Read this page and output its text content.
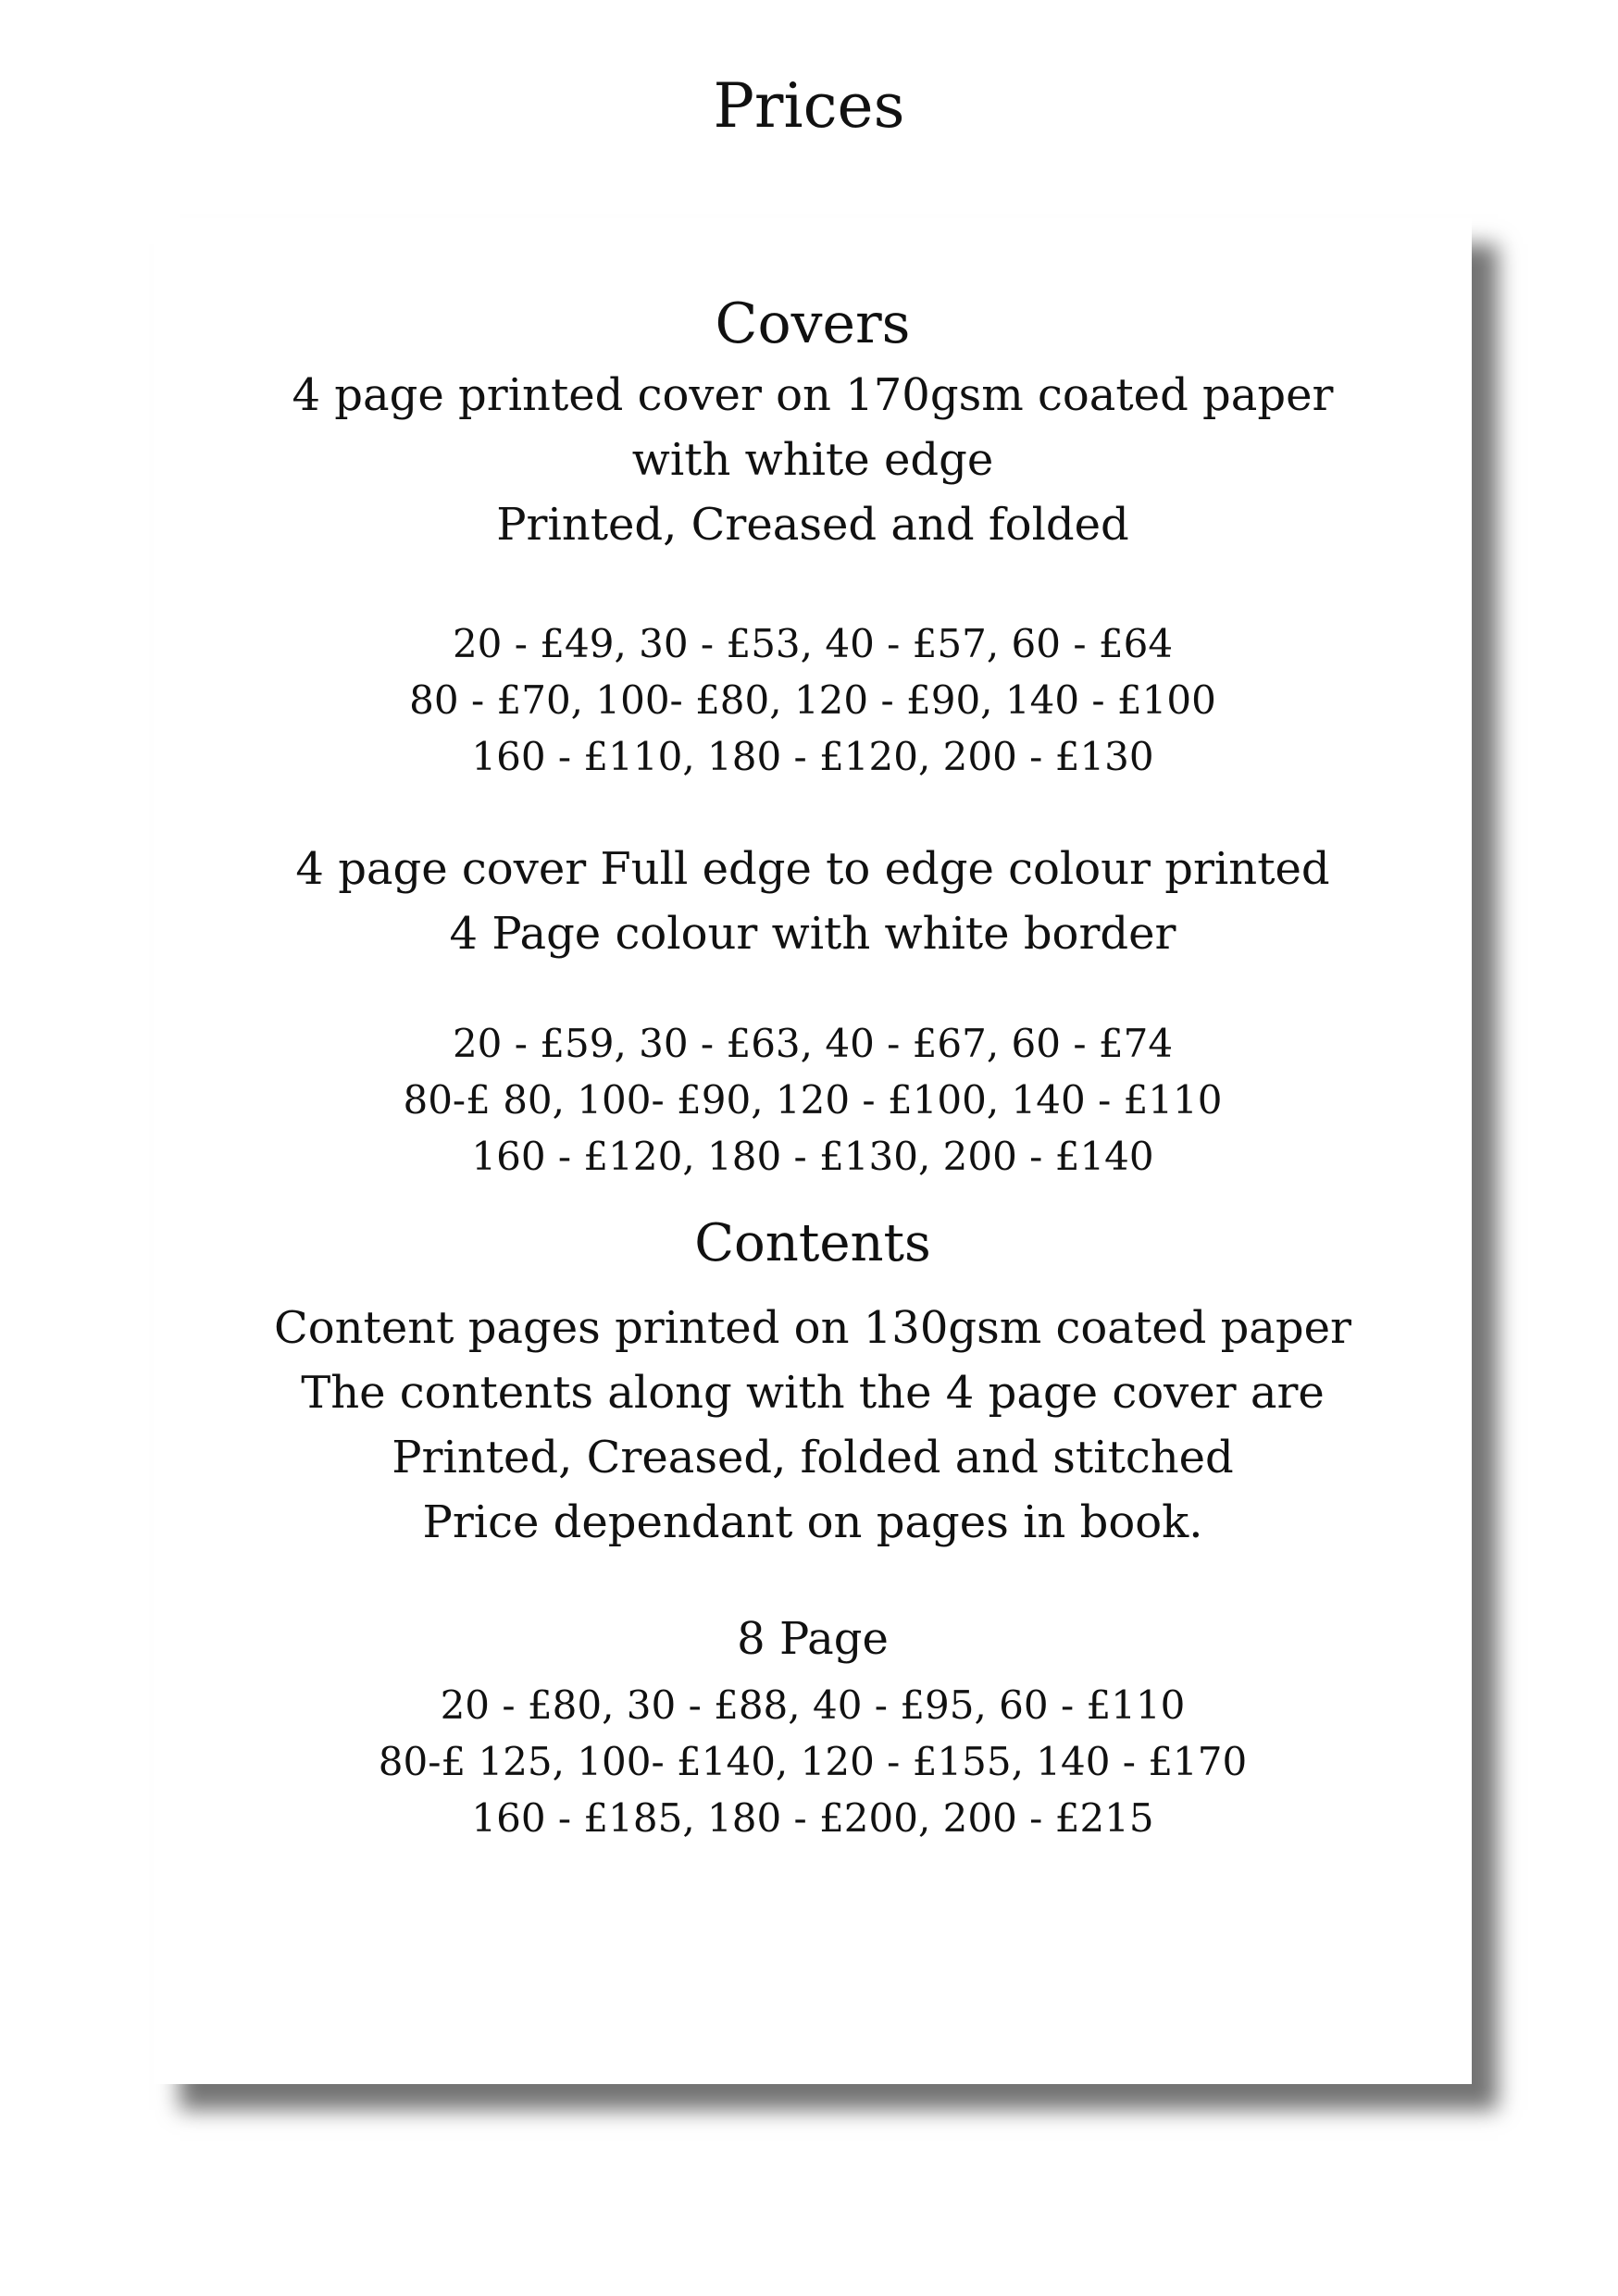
Prices

Covers

4 page printed cover on 170gsm coated paper

with white edge

Printed, Creased and folded

20 - £49, 30 - £53, 40 - £57, 60 - £64

80 - £70, 100- £80, 120 - £90, 140 - £100

160 - £110, 180 - £120, 200 - £130

4 page cover Full edge to edge colour printed

4 Page colour with white border

20 - £59, 30 - £63, 40 - £67, 60 - £74

80-£ 80, 100- £90, 120 - £100, 140 - £110

160 - £120, 180 - £130, 200 - £140

Contents

Content pages printed on 130gsm coated paper

The contents along with the 4 page cover are

Printed, Creased, folded and stitched

Price dependant on pages in book.

8 Page

20 - £80, 30 - £88, 40 - £95, 60 - £110

80-£ 125, 100- £140, 120 - £155, 140 - £170

160 - £185, 180 - £200, 200 - £215
